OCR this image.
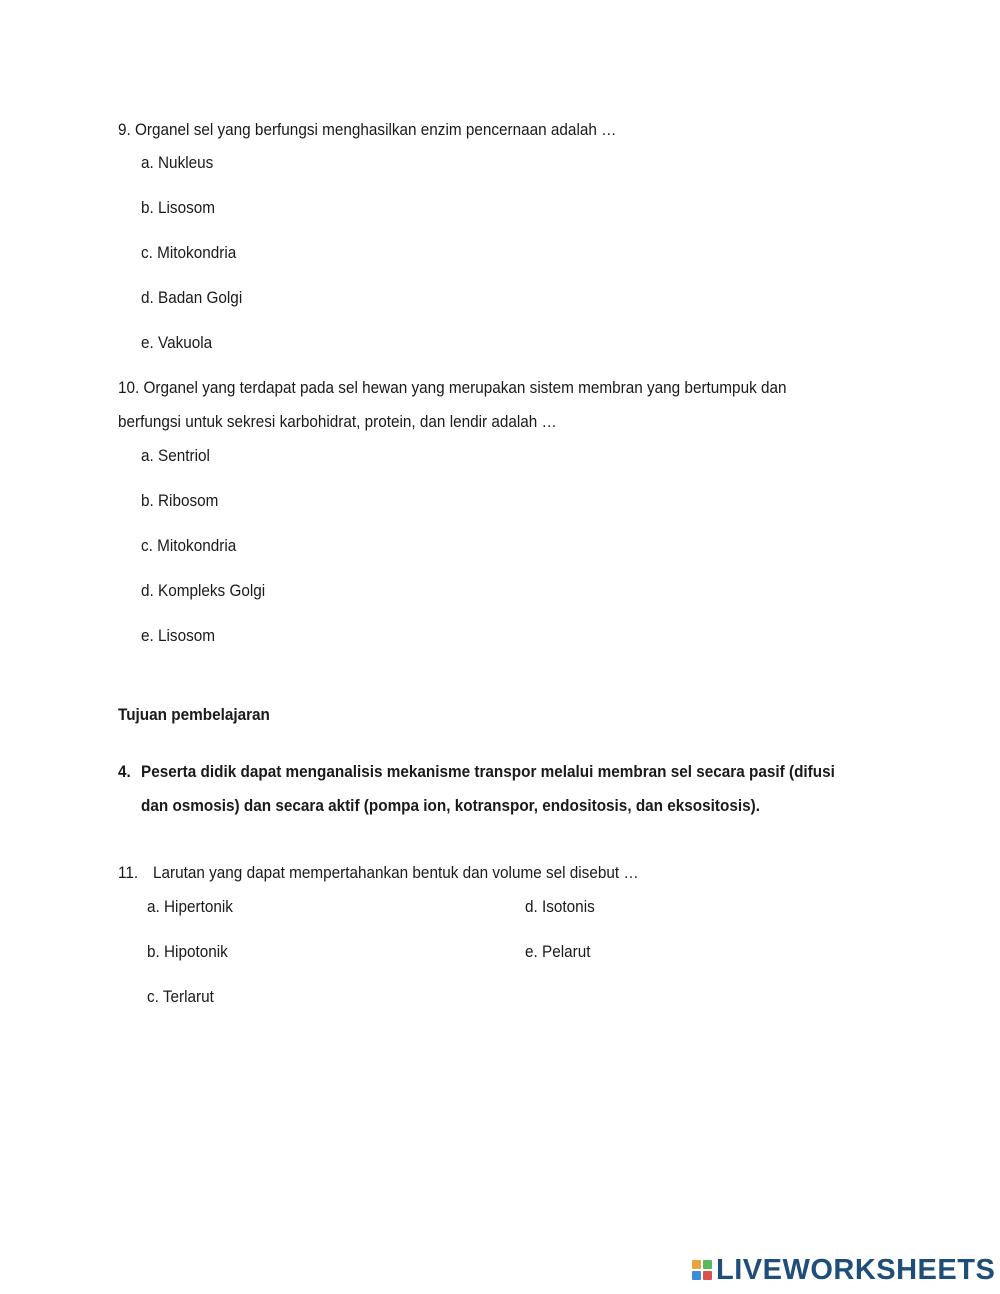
9. Organel sel yang berfungsi menghasilkan enzim pencernaan adalah …
a. Nukleus
b. Lisosom
c. Mitokondria
d. Badan Golgi
e. Vakuola
10. Organel yang terdapat pada sel hewan yang merupakan sistem membran yang bertumpuk dan
berfungsi untuk sekresi karbohidrat, protein, dan lendir adalah …
a. Sentriol
b. Ribosom
c. Mitokondria
d. Kompleks Golgi
e. Lisosom
Tujuan pembelajaran
4. Peserta didik dapat menganalisis mekanisme transpor melalui membran sel secara pasif (difusi
dan osmosis) dan secara aktif (pompa ion, kotranspor, endositosis, dan eksositosis).
11. Larutan yang dapat mempertahankan bentuk dan volume sel disebut …
a. Hipertonik
b. Hipotonik
c. Terlarut
d. Isotonis
e. Pelarut
LIVEWORKSHEETS
